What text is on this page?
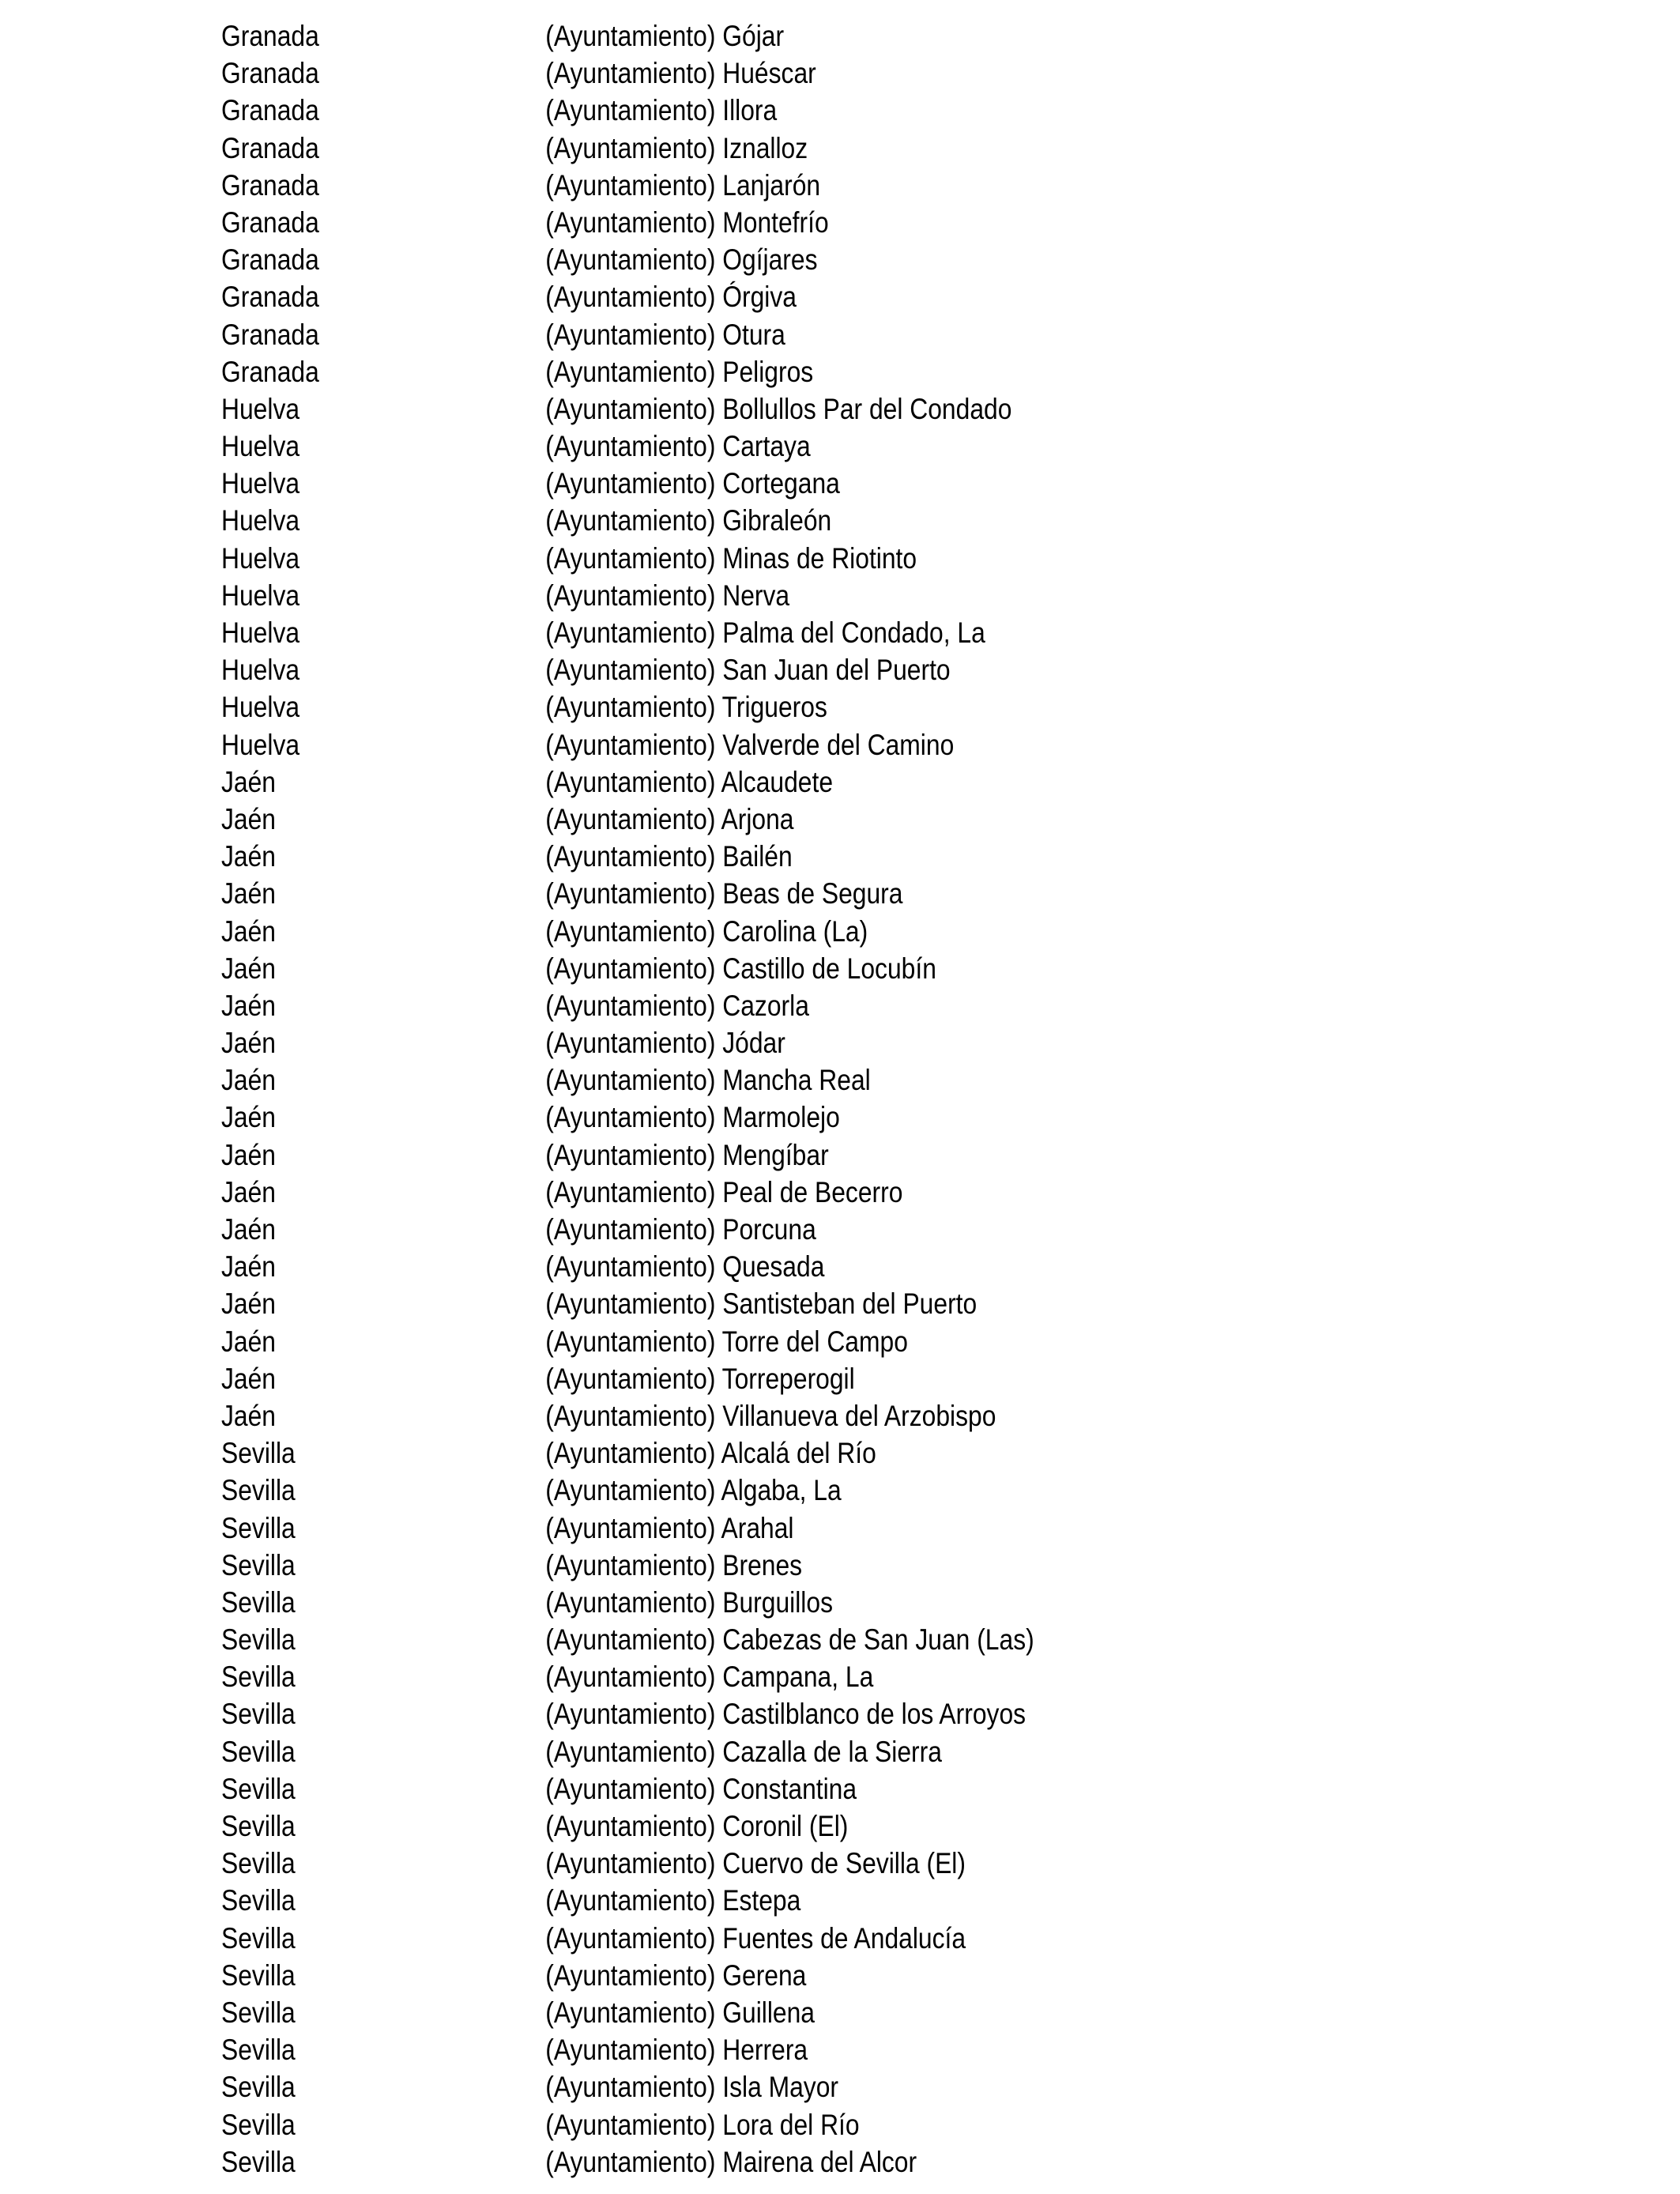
Granada	(Ayuntamiento) Gójar
Granada	(Ayuntamiento) Huéscar
Granada	(Ayuntamiento) Illora
Granada	(Ayuntamiento) Iznalloz
Granada	(Ayuntamiento) Lanjarón
Granada	(Ayuntamiento) Montefrío
Granada	(Ayuntamiento) Ogíjares
Granada	(Ayuntamiento) Órgiva
Granada	(Ayuntamiento) Otura
Granada	(Ayuntamiento) Peligros
Huelva	(Ayuntamiento) Bollullos Par del Condado
Huelva	(Ayuntamiento) Cartaya
Huelva	(Ayuntamiento) Cortegana
Huelva	(Ayuntamiento) Gibraleón
Huelva	(Ayuntamiento) Minas de Riotinto
Huelva	(Ayuntamiento) Nerva
Huelva	(Ayuntamiento) Palma del Condado, La
Huelva	(Ayuntamiento) San Juan del Puerto
Huelva	(Ayuntamiento) Trigueros
Huelva	(Ayuntamiento) Valverde del Camino
Jaén	(Ayuntamiento) Alcaudete
Jaén	(Ayuntamiento) Arjona
Jaén	(Ayuntamiento) Bailén
Jaén	(Ayuntamiento) Beas de Segura
Jaén	(Ayuntamiento) Carolina (La)
Jaén	(Ayuntamiento) Castillo de Locubín
Jaén	(Ayuntamiento) Cazorla
Jaén	(Ayuntamiento) Jódar
Jaén	(Ayuntamiento) Mancha Real
Jaén	(Ayuntamiento) Marmolejo
Jaén	(Ayuntamiento) Mengíbar
Jaén	(Ayuntamiento) Peal de Becerro
Jaén	(Ayuntamiento) Porcuna
Jaén	(Ayuntamiento) Quesada
Jaén	(Ayuntamiento) Santisteban del Puerto
Jaén	(Ayuntamiento) Torre del Campo
Jaén	(Ayuntamiento) Torreperogil
Jaén	(Ayuntamiento) Villanueva del Arzobispo
Sevilla	(Ayuntamiento) Alcalá del Río
Sevilla	(Ayuntamiento) Algaba, La
Sevilla	(Ayuntamiento) Arahal
Sevilla	(Ayuntamiento) Brenes
Sevilla	(Ayuntamiento) Burguillos
Sevilla	(Ayuntamiento) Cabezas de San Juan (Las)
Sevilla	(Ayuntamiento) Campana, La
Sevilla	(Ayuntamiento) Castilblanco de los Arroyos
Sevilla	(Ayuntamiento) Cazalla de la Sierra
Sevilla	(Ayuntamiento) Constantina
Sevilla	(Ayuntamiento) Coronil (El)
Sevilla	(Ayuntamiento) Cuervo de Sevilla (El)
Sevilla	(Ayuntamiento) Estepa
Sevilla	(Ayuntamiento) Fuentes de Andalucía
Sevilla	(Ayuntamiento) Gerena
Sevilla	(Ayuntamiento) Guillena
Sevilla	(Ayuntamiento) Herrera
Sevilla	(Ayuntamiento) Isla Mayor
Sevilla	(Ayuntamiento) Lora del Río
Sevilla	(Ayuntamiento) Mairena del Alcor
